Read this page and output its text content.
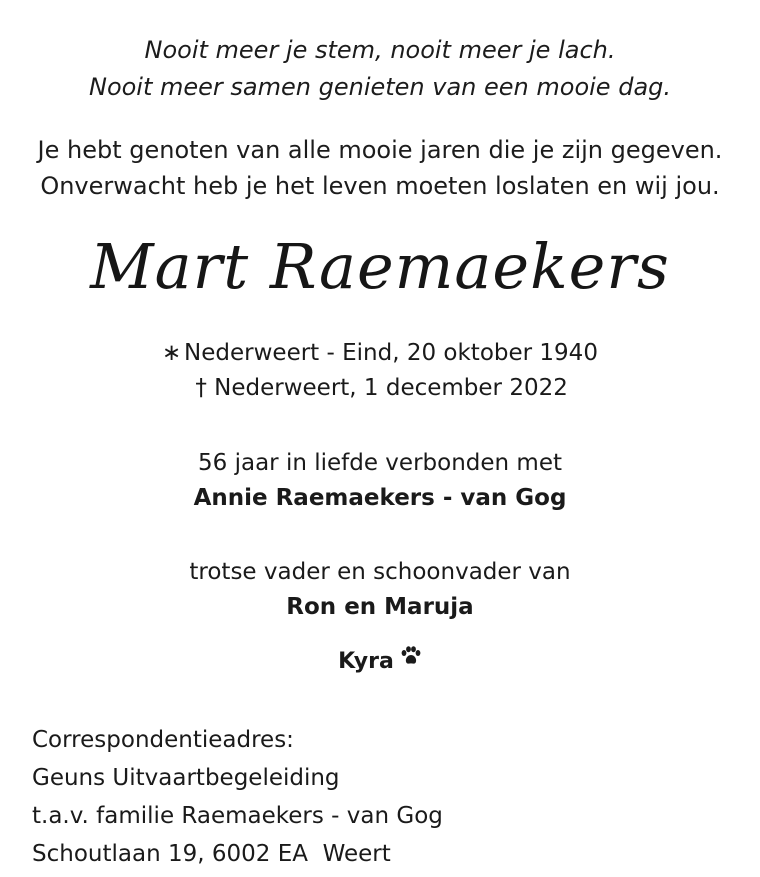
Nooit meer je stem, nooit meer je lach.
Nooit meer samen genieten van een mooie dag.
Je hebt genoten van alle mooie jaren die je zijn gegeven.
Onverwacht heb je het leven moeten loslaten en wij jou.
Mart Raemaekers
∗ Nederweert - Eind, 20 oktober 1940
† Nederweert, 1 december 2022
56 jaar in liefde verbonden met
Annie Raemaekers - van Gog
trotse vader en schoonvader van
Ron en Maruja
Kyra
Correspondentieadres:
Geuns Uitvaartbegeleiding
t.a.v. familie Raemaekers - van Gog
Schoutlaan 19, 6002 EA  Weert
